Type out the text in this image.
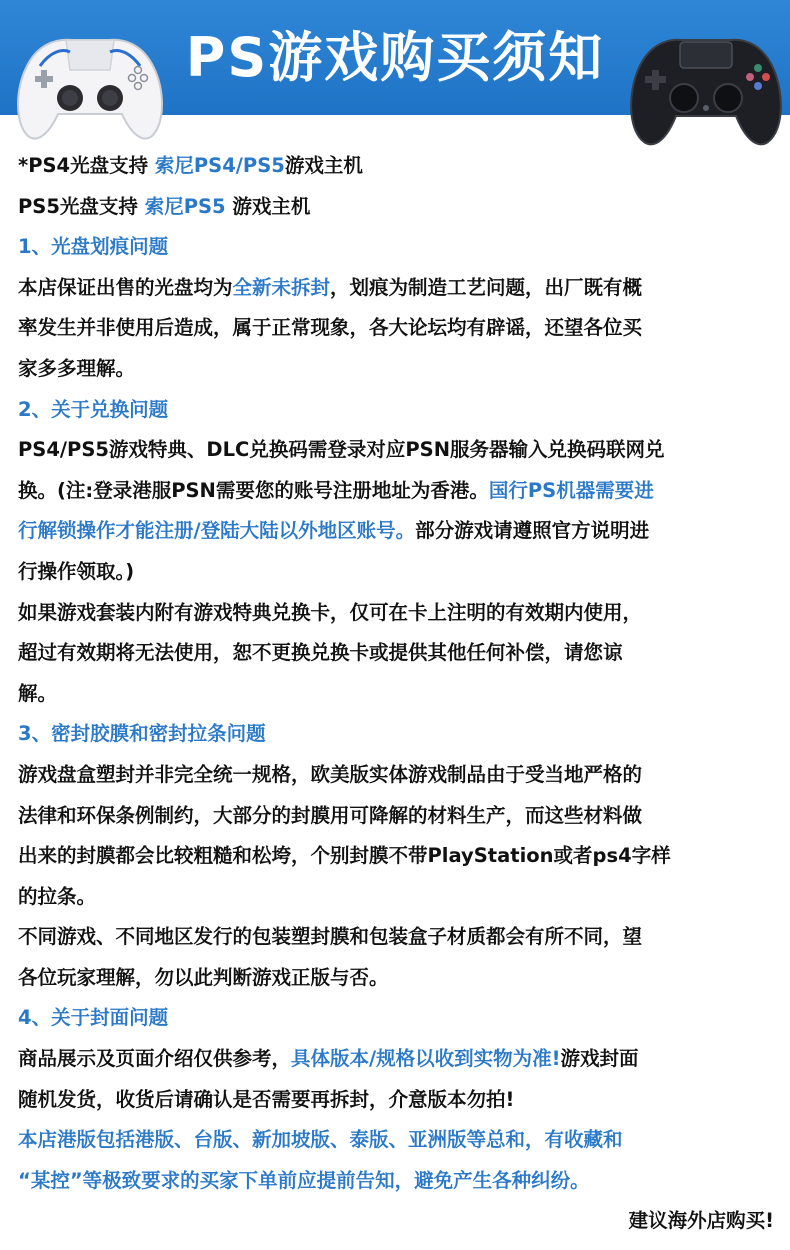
PS游戏购买须知
*PS4光盘支持 索尼PS4/PS5游戏主机
PS5光盘支持 索尼PS5 游戏主机
1、光盘划痕问题
本店保证出售的光盘均为全新未拆封，划痕为制造工艺问题，出厂既有概
率发生并非使用后造成，属于正常现象，各大论坛均有辟谣，还望各位买
家多多理解。
2、关于兑换问题
PS4/PS5游戏特典、DLC兑换码需登录对应PSN服务器输入兑换码联网兑
换。(注:登录港服PSN需要您的账号注册地址为香港。国行PS机器需要进
行解锁操作才能注册/登陆大陆以外地区账号。部分游戏请遵照官方说明进
行操作领取。)
如果游戏套装内附有游戏特典兑换卡，仅可在卡上注明的有效期内使用，
超过有效期将无法使用，恕不更换兑换卡或提供其他任何补偿，请您谅
解。
3、密封胶膜和密封拉条问题
游戏盘盒塑封并非完全统一规格，欧美版实体游戏制品由于受当地严格的
法律和环保条例制约，大部分的封膜用可降解的材料生产，而这些材料做
出来的封膜都会比较粗糙和松垮，个别封膜不带PlayStation或者ps4字样
的拉条。
不同游戏、不同地区发行的包装塑封膜和包装盒子材质都会有所不同，望
各位玩家理解，勿以此判断游戏正版与否。
4、关于封面问题
商品展示及页面介绍仅供参考，具体版本/规格以收到实物为准!游戏封面
随机发货，收货后请确认是否需要再拆封，介意版本勿拍!
本店港版包括港版、台版、新加坡版、泰版、亚洲版等总和，有收藏和
“某控”等极致要求的买家下单前应提前告知，避免产生各种纠纷。
建议海外店购买!
